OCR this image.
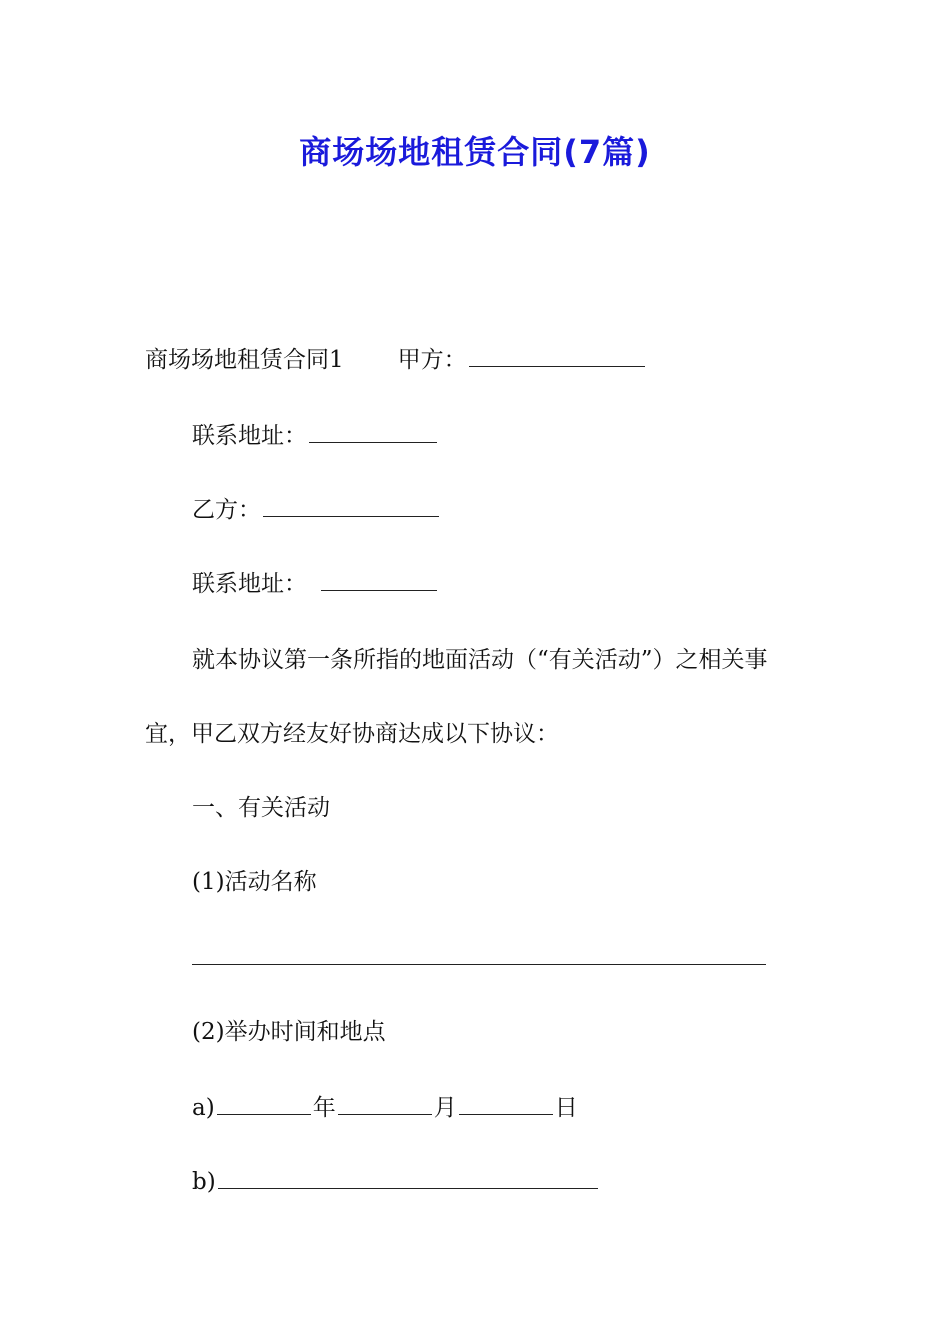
商场场地租赁合同(7篇)
商场场地租赁合同1 甲方：
联系地址：
乙方：
联系地址：
就本协议第一条所指的地面活动（“有关活动”）之相关事
宜，甲乙双方经友好协商达成以下协议：
一、有关活动
(1)活动名称
(2)举办时间和地点
a)	年	月	日
b)
